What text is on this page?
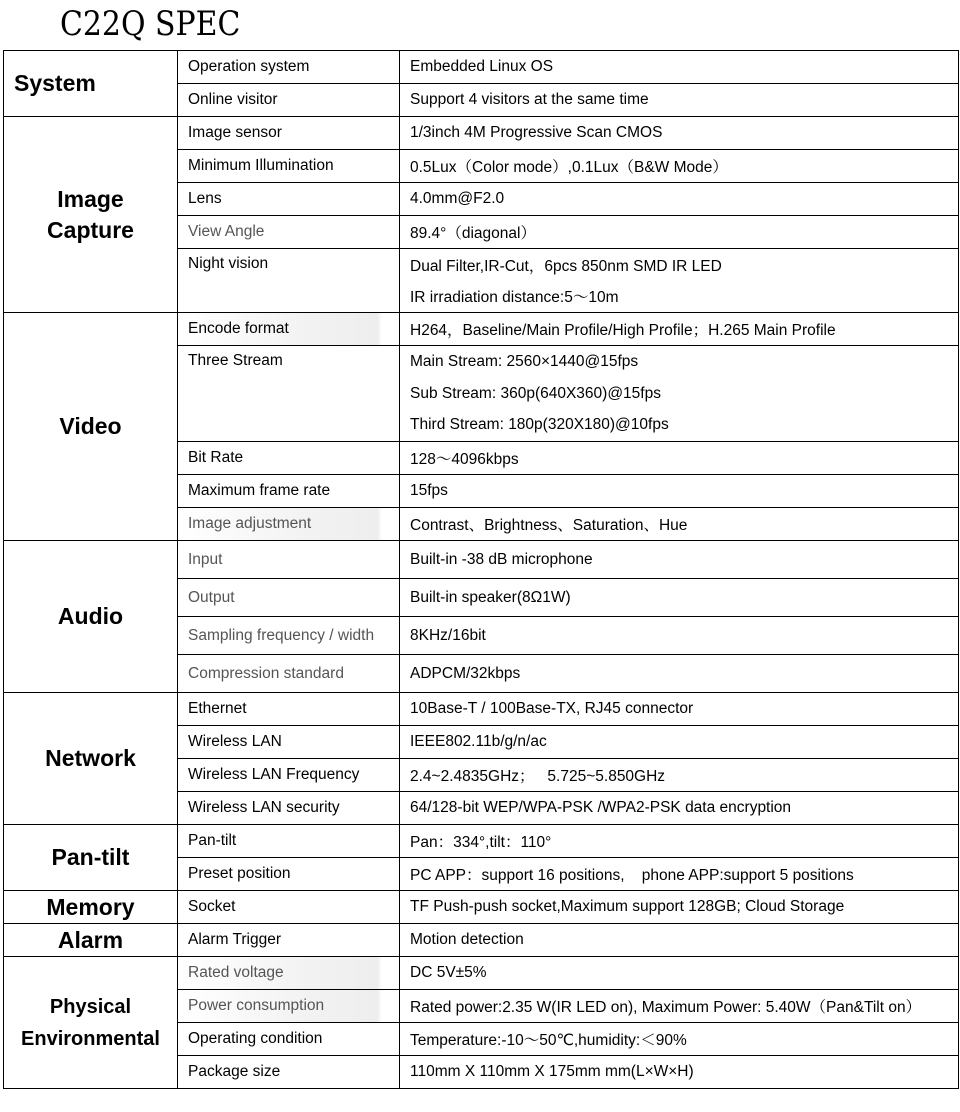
C22Q SPEC
System	Operation system	Embedded Linux OS
	Online visitor	Support 4 visitors at the same time
Image
Capture	Image sensor	1/3inch 4M Progressive Scan CMOS
	Minimum Illumination	0.5Lux（Color mode）,0.1Lux（B&W Mode）
	Lens	4.0mm@F2.0
	View Angle	89.4°（diagonal）
	Night vision	Dual Filter,IR-Cut，6pcs 850nm SMD IR LED
		IR irradiation distance:5～10m
Video	Encode format	H264，Baseline/Main Profile/High Profile；H.265 Main Profile
	Three Stream	Main Stream: 2560×1440@15fps
		Sub Stream: 360p(640X360)@15fps
		Third Stream: 180p(320X180)@10fps
	Bit Rate	128～4096kbps
	Maximum frame rate	15fps
	Image adjustment	Contrast、Brightness、Saturation、Hue
Audio	Input	Built-in -38 dB microphone
	Output	Built-in speaker(8Ω1W)
	Sampling frequency / width	8KHz/16bit
	Compression standard	ADPCM/32kbps
Network	Ethernet	10Base-T / 100Base-TX, RJ45 connector
	Wireless LAN	IEEE802.11b/g/n/ac
	Wireless LAN Frequency	2.4~2.4835GHz；   5.725~5.850GHz
	Wireless LAN security	64/128-bit WEP/WPA-PSK /WPA2-PSK data encryption
Pan-tilt	Pan-tilt	Pan：334°,tilt：110°
	Preset position	PC APP：support 16 positions,    phone APP:support 5 positions
Memory	Socket	TF Push-push socket,Maximum support 128GB; Cloud Storage
Alarm	Alarm Trigger	Motion detection
Physical
Environmental	Rated voltage	DC 5V±5%
	Power consumption	Rated power:2.35 W(IR LED on), Maximum Power: 5.40W（Pan&Tilt on）
	Operating condition	Temperature:-10～50℃,humidity:＜90%
	Package size	110mm X 110mm X 175mm mm(L×W×H)
